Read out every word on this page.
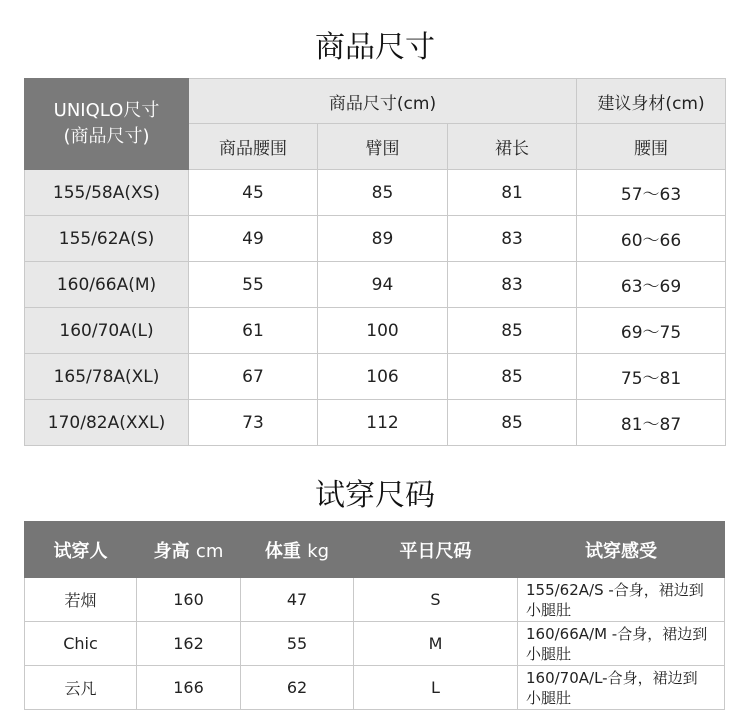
商品尺寸
UNIQLO尺寸
(商品尺寸)	商品尺寸(cm)			建议身材(cm)
	商品腰围	臂围	裙长	腰围
155/58A(XS)	45	85	81	57～63
155/62A(S)	49	89	83	60～66
160/66A(M)	55	94	83	63～69
160/70A(L)	61	100	85	69～75
165/78A(XL)	67	106	85	75～81
170/82A(XXL)	73	112	85	81～87
试穿尺码
试穿人	身高 cm	体重 kg	平日尺码	试穿感受
若烟	160	47	S	155/62A/S -合身，裙边到
小腿肚

Chic	162	55	M	160/66A/M -合身，裙边到
小腿肚

云凡	166	62	L	160/70A/L-合身，裙边到
小腿肚
